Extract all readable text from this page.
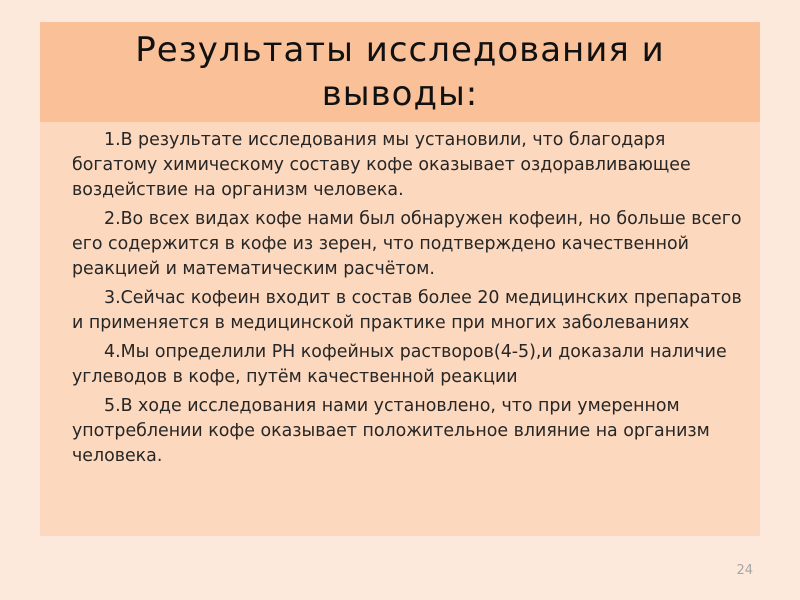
Результаты исследования и выводы:
1.В результате исследования мы установили, что благодаря богатому химическому составу кофе оказывает оздоравливающее воздействие на организм человека.
2.Во всех видах кофе нами был обнаружен кофеин, но больше всего его содержится в кофе из зерен, что подтверждено качественной реакцией и математическим расчётом.
3.Сейчас кофеин входит в состав более 20 медицинских препаратов и применяется в медицинской практике при многих заболеваниях
4.Мы определили РН кофейных растворов(4-5),и доказали наличие углеводов в кофе, путём качественной реакции
5.В ходе исследования нами установлено, что при умеренном употреблении кофе оказывает положительное влияние на организм человека.
24
